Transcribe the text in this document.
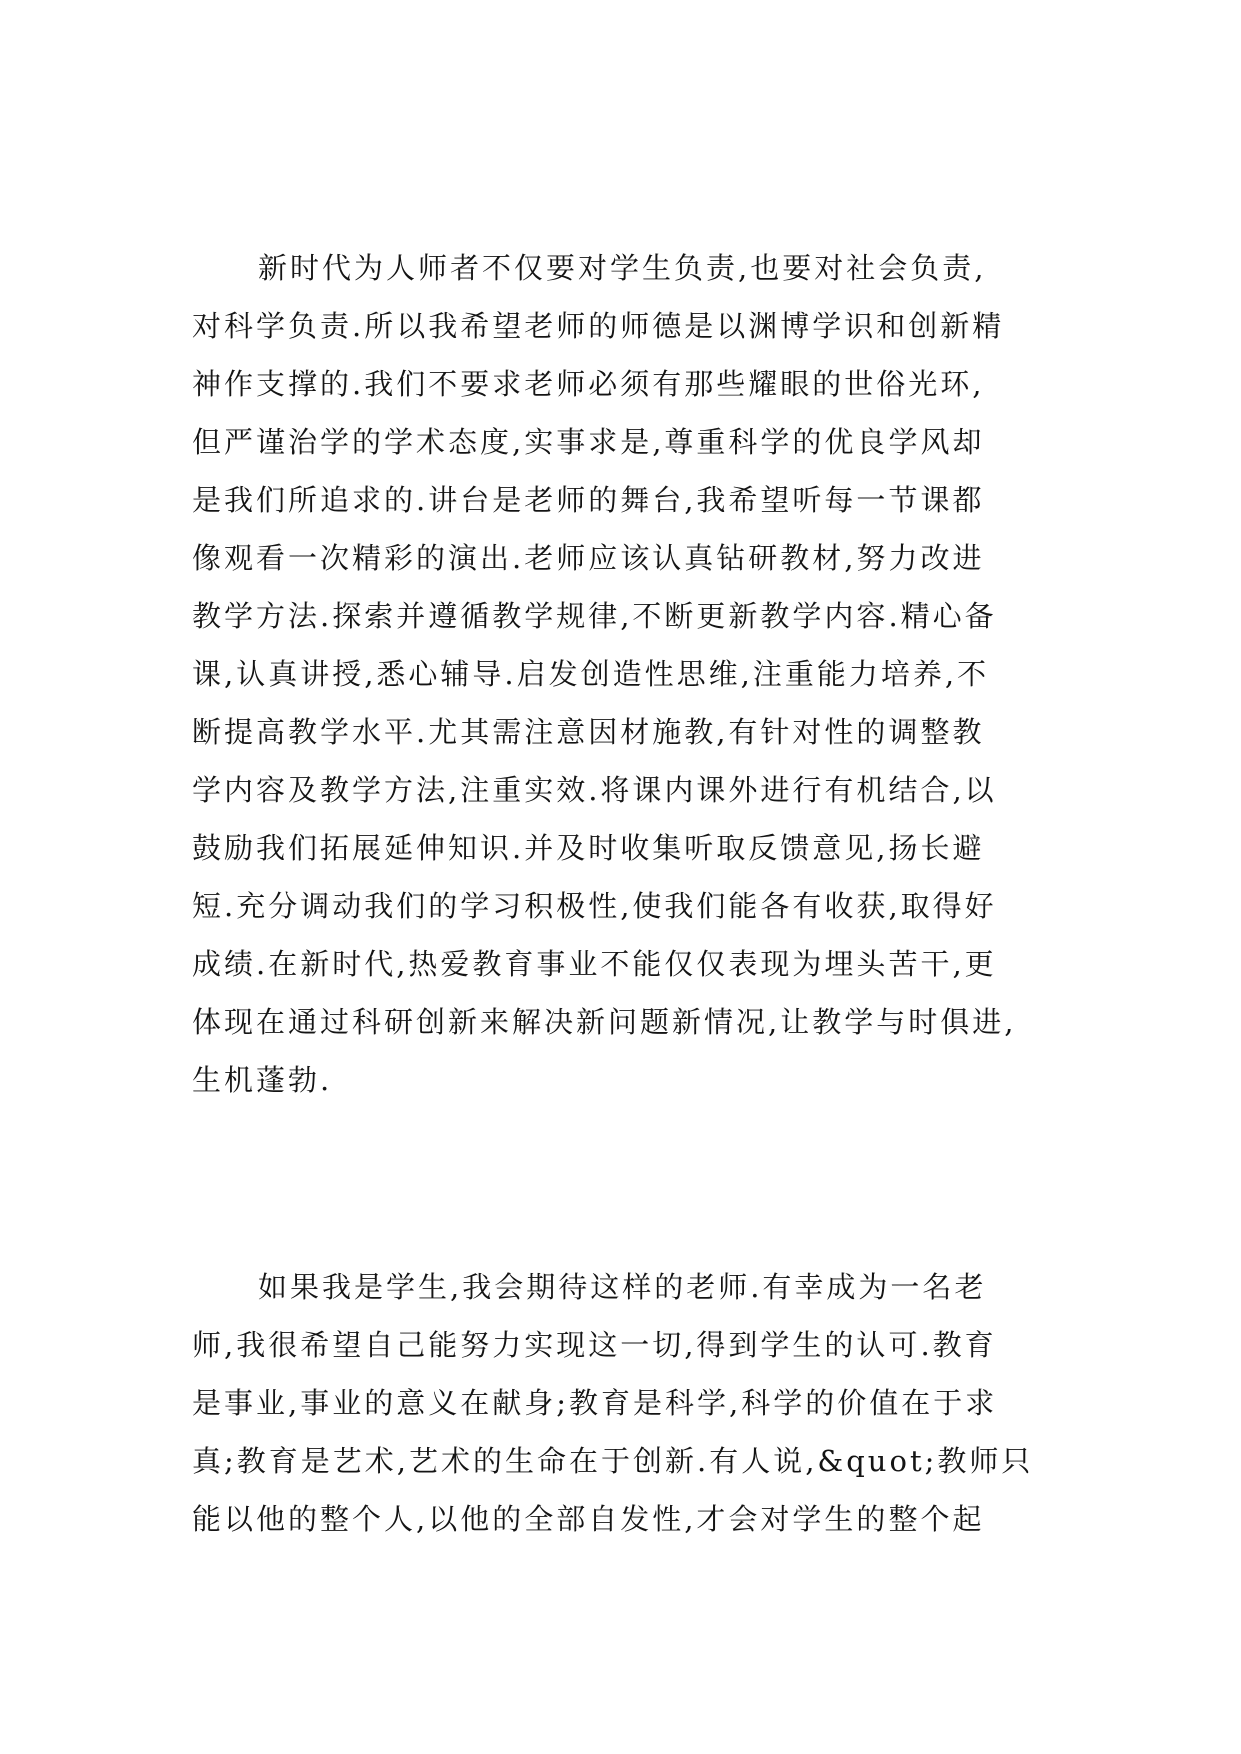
新时代为人师者不仅要对学生负责,也要对社会负责,
对科学负责.所以我希望老师的师德是以渊博学识和创新精
神作支撑的.我们不要求老师必须有那些耀眼的世俗光环,
但严谨治学的学术态度,实事求是,尊重科学的优良学风却
是我们所追求的.讲台是老师的舞台,我希望听每一节课都
像观看一次精彩的演出.老师应该认真钻研教材,努力改进
教学方法.探索并遵循教学规律,不断更新教学内容.精心备
课,认真讲授,悉心辅导.启发创造性思维,注重能力培养,不
断提高教学水平.尤其需注意因材施教,有针对性的调整教
学内容及教学方法,注重实效.将课内课外进行有机结合,以
鼓励我们拓展延伸知识.并及时收集听取反馈意见,扬长避
短.充分调动我们的学习积极性,使我们能各有收获,取得好
成绩.在新时代,热爱教育事业不能仅仅表现为埋头苦干,更
体现在通过科研创新来解决新问题新情况,让教学与时俱进,
生机蓬勃.
如果我是学生,我会期待这样的老师.有幸成为一名老
师,我很希望自己能努力实现这一切,得到学生的认可.教育
是事业,事业的意义在献身;教育是科学,科学的价值在于求
真;教育是艺术,艺术的生命在于创新.有人说,&quot;教师只
能以他的整个人,以他的全部自发性,才会对学生的整个起
